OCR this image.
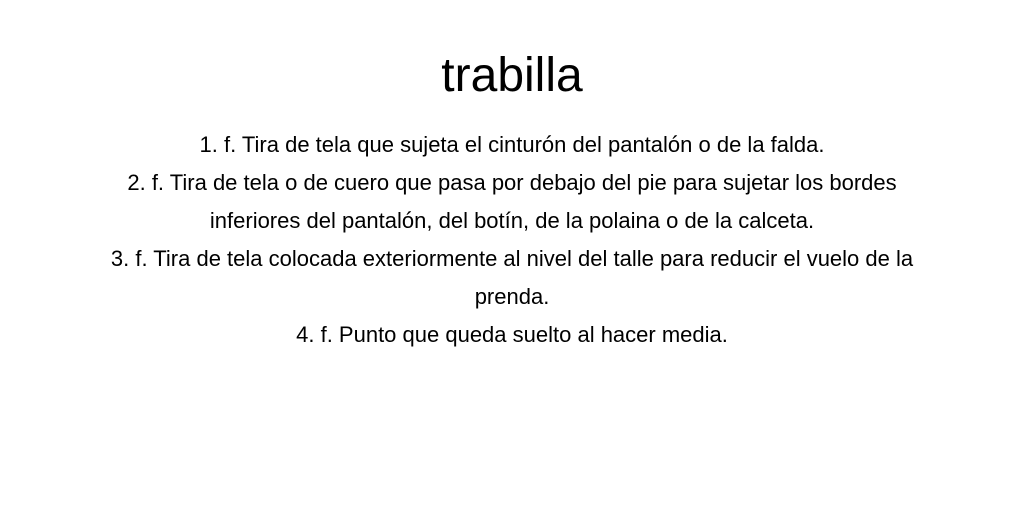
trabilla
1. f. Tira de tela que sujeta el cinturón del pantalón o de la falda.
2. f. Tira de tela o de cuero que pasa por debajo del pie para sujetar los bordes inferiores del pantalón, del botín, de la polaina o de la calceta.
3. f. Tira de tela colocada exteriormente al nivel del talle para reducir el vuelo de la prenda.
4. f. Punto que queda suelto al hacer media.
